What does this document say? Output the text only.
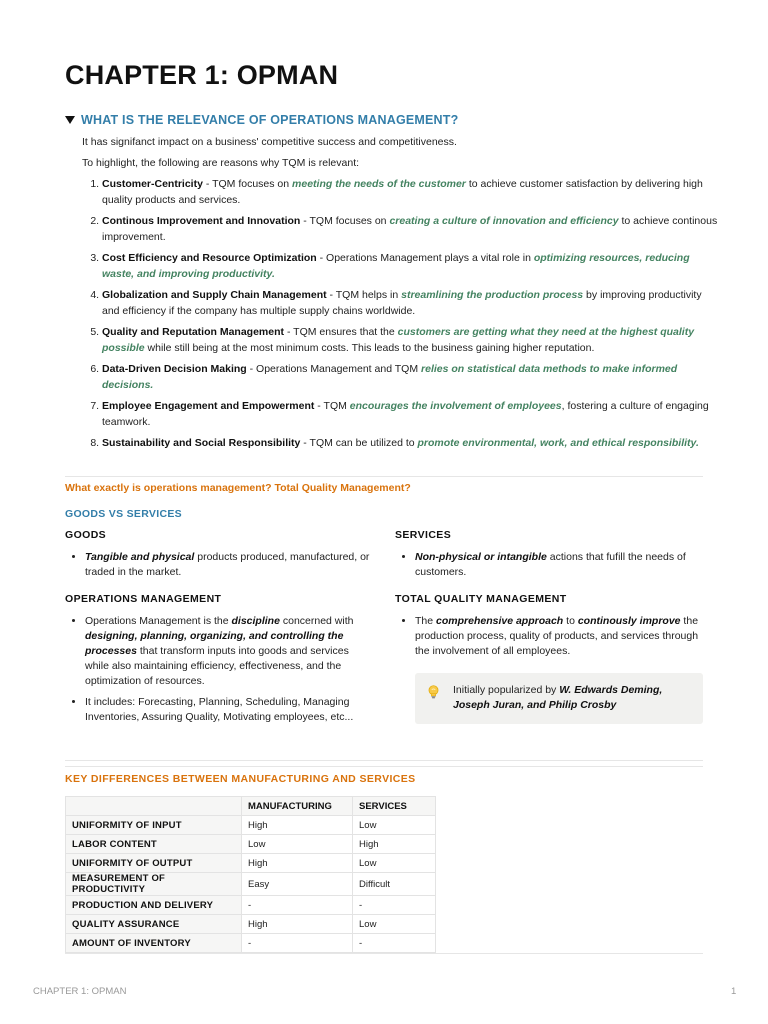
CHAPTER 1: OPMAN
WHAT IS THE RELEVANCE OF OPERATIONS MANAGEMENT?
It has signifanct impact on a business' competitive success and competitiveness.
To highlight, the following are reasons why TQM is relevant:
1. Customer-Centricity - TQM focuses on meeting the needs of the customer to achieve customer satisfaction by delivering high quality products and services.
2. Continous Improvement and Innovation - TQM focuses on creating a culture of innovation and efficiency to achieve continous improvement.
3. Cost Efficiency and Resource Optimization - Operations Management plays a vital role in optimizing resources, reducing waste, and improving productivity.
4. Globalization and Supply Chain Management - TQM helps in streamlining the production process by improving productivity and efficiency if the company has multiple supply chains worldwide.
5. Quality and Reputation Management - TQM ensures that the customers are getting what they need at the highest quality possible while still being at the most minimum costs. This leads to the business gaining higher reputation.
6. Data-Driven Decision Making - Operations Management and TQM relies on statistical data methods to make informed decisions.
7. Employee Engagement and Empowerment - TQM encourages the involvement of employees, fostering a culture of engaging teamwork.
8. Sustainability and Social Responsibility - TQM can be utilized to promote environmental, work, and ethical responsibility.
What exactly is operations management? Total Quality Management?
GOODS VS SERVICES
GOODS	SERVICES
• Tangible and physical products produced, manufactured, or traded in the market.
• Non-physical or intangible actions that fufill the needs of customers.
OPERATIONS MANAGEMENT	TOTAL QUALITY MANAGEMENT
• Operations Management is the discipline concerned with designing, planning, organizing, and controlling the processes that transform inputs into goods and services while also maintaining efficiency, effectiveness, and the optimization of resources.
• It includes: Forecasting, Planning, Scheduling, Managing Inventories, Assuring Quality, Motivating employees, etc...
• The comprehensive approach to continously improve the production process, quality of products, and services through the involvement of all employees.
Initially popularized by W. Edwards Deming, Joseph Juran, and Philip Crosby
KEY DIFFERENCES BETWEEN MANUFACTURING AND SERVICES
	MANUFACTURING	SERVICES
UNIFORMITY OF INPUT	High	Low
LABOR CONTENT	Low	High
UNIFORMITY OF OUTPUT	High	Low
MEASUREMENT OF PRODUCTIVITY	Easy	Difficult
PRODUCTION AND DELIVERY	-	-
QUALITY ASSURANCE	High	Low
AMOUNT OF INVENTORY	-	-
CHAPTER 1: OPMAN	1
